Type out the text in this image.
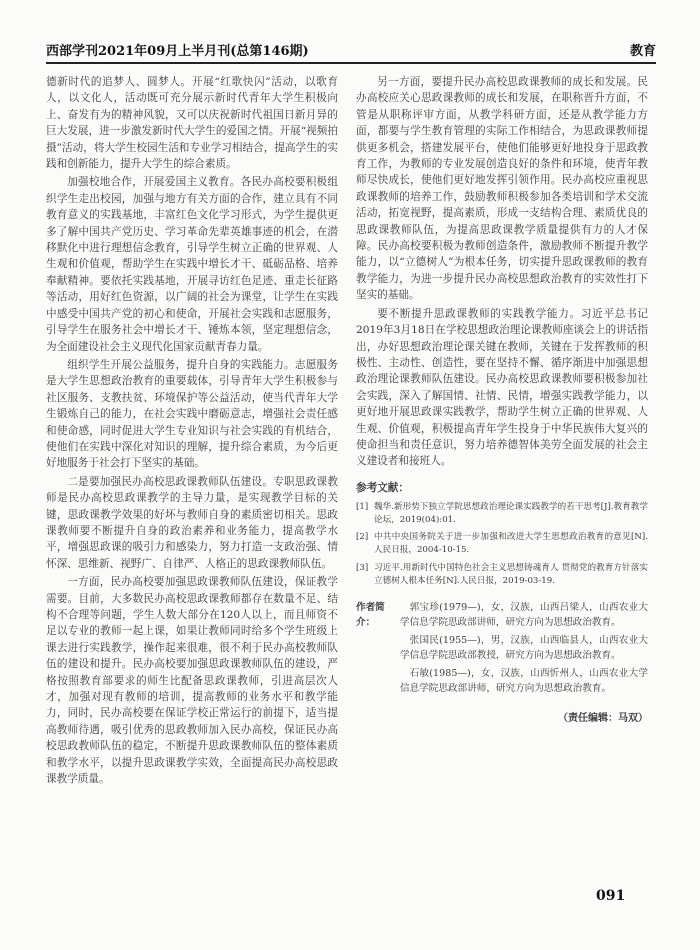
西部学刊2021年09月上半月刊(总第146期)	教育

德新时代的追梦人、圆梦人。开展“红歌快闪”活动，以歌育人，以文化人，活动既可充分展示新时代青年大学生积极向上、奋发有为的精神风貌，又可以庆祝新时代祖国日新月异的巨大发展，进一步激发新时代大学生的爱国之情。开展“视频拍摄”活动，将大学生校园生活和专业学习相结合，提高学生的实践和创新能力，提升大学生的综合素质。

加强校地合作，开展爱国主义教育。各民办高校要积极组织学生走出校园，加强与地方有关方面的合作，建立具有不同教育意义的实践基地，丰富红色文化学习形式，为学生提供更多了解中国共产党历史、学习革命先辈英雄事迹的机会，在潜移默化中进行理想信念教育，引导学生树立正确的世界观、人生观和价值观，帮助学生在实践中增长才干、砥砺品格、培养奉献精神。要依托实践基地，开展寻访红色足迹、重走长征路等活动，用好红色资源，以广阔的社会为课堂，让学生在实践中感受中国共产党的初心和使命，开展社会实践和志愿服务，引导学生在服务社会中增长才干、锤炼本领，坚定理想信念，为全面建设社会主义现代化国家贡献青春力量。

组织学生开展公益服务，提升自身的实践能力。志愿服务是大学生思想政治教育的重要载体，引导青年大学生积极参与社区服务、支教扶贫、环境保护等公益活动，使当代青年大学生锻炼自己的能力，在社会实践中磨砺意志，增强社会责任感和使命感，同时促进大学生专业知识与社会实践的有机结合，使他们在实践中深化对知识的理解，提升综合素质，为今后更好地服务于社会打下坚实的基础。

二是要加强民办高校思政课教师队伍建设。专职思政课教师是民办高校思政课教学的主导力量，是实现教学目标的关键，思政课教学效果的好坏与教师自身的素质密切相关。思政课教师要不断提升自身的政治素养和业务能力，提高教学水平，增强思政课的吸引力和感染力，努力打造一支政治强、情怀深、思维新、视野广、自律严、人格正的思政课教师队伍。

一方面，民办高校要加强思政课教师队伍建设，保证教学需要。目前，大多数民办高校思政课教师都存在数量不足、结构不合理等问题，学生人数大部分在120人以上，而且师资不足以专业的教师一起上课，如果让教师同时给多个学生班级上课去进行实践教学，操作起来很难，很不利于民办高校教师队伍的建设和提升。民办高校要加强思政课教师队伍的建设，严格按照教育部要求的师生比配备思政课教师，引进高层次人才，加强对现有教师的培训，提高教师的业务水平和教学能力，同时，民办高校要在保证学校正常运行的前提下，适当提高教师待遇，吸引优秀的思政教师加入民办高校，保证民办高校思政教师队伍的稳定，不断提升思政课教师队伍的整体素质和教学水平，以提升思政课教学实效，全面提高民办高校思政课教学质量。

另一方面，要提升民办高校思政课教师的成长和发展。民办高校应关心思政课教师的成长和发展，在职称晋升方面，不管是从职称评审方面，从教学科研方面，还是从教学能力方面，都要与学生教育管理的实际工作相结合，为思政课教师提供更多机会，搭建发展平台，使他们能够更好地投身于思政教育工作，为教师的专业发展创造良好的条件和环境，使青年教师尽快成长，使他们更好地发挥引领作用。民办高校应重视思政课教师的培养工作，鼓励教师积极参加各类培训和学术交流活动，拓宽视野，提高素质，形成一支结构合理、素质优良的思政课教师队伍，为提高思政课教学质量提供有力的人才保障。民办高校要积极为教师创造条件，激励教师不断提升教学能力，以“立德树人”为根本任务，切实提升思政课教师的教育教学能力，为进一步提升民办高校思想政治教育的实效性打下坚实的基础。

要不断提升思政课教师的实践教学能力。习近平总书记2019年3月18日在学校思想政治理论课教师座谈会上的讲话指出，办好思想政治理论课关键在教师，关键在于发挥教师的积极性、主动性、创造性，要在坚持不懈、循序渐进中加强思想政治理论课教师队伍建设。民办高校思政课教师要积极参加社会实践，深入了解国情、社情、民情，增强实践教学能力，以更好地开展思政课实践教学，帮助学生树立正确的世界观、人生观、价值观，积极提高青年学生投身于中华民族伟大复兴的使命担当和责任意识，努力培养德智体美劳全面发展的社会主义建设者和接班人。

参考文献：
[1] 魏华.新形势下独立学院思想政治理论课实践教学的若干思考[J].教育教学论坛，2019(04):01.
[2] 中共中央国务院关于进一步加强和改进大学生思想政治教育的意见[N].人民日报，2004-10-15.
[3] 习近平.用新时代中国特色社会主义思想铸魂育人 贯彻党的教育方针落实立德树人根本任务[N].人民日报，2019-03-19.
作者简介：
郭宝珍(1979—)，女，汉族，山西吕梁人，山西农业大学信息学院思政部讲师，研究方向为思想政治教育。
张国民(1955—)，男，汉族，山西临县人，山西农业大学信息学院思政部教授，研究方向为思想政治教育。
石敏(1985—)，女，汉族，山西忻州人，山西农业大学信息学院思政部讲师，研究方向为思想政治教育。
（责任编辑：马双）
091
